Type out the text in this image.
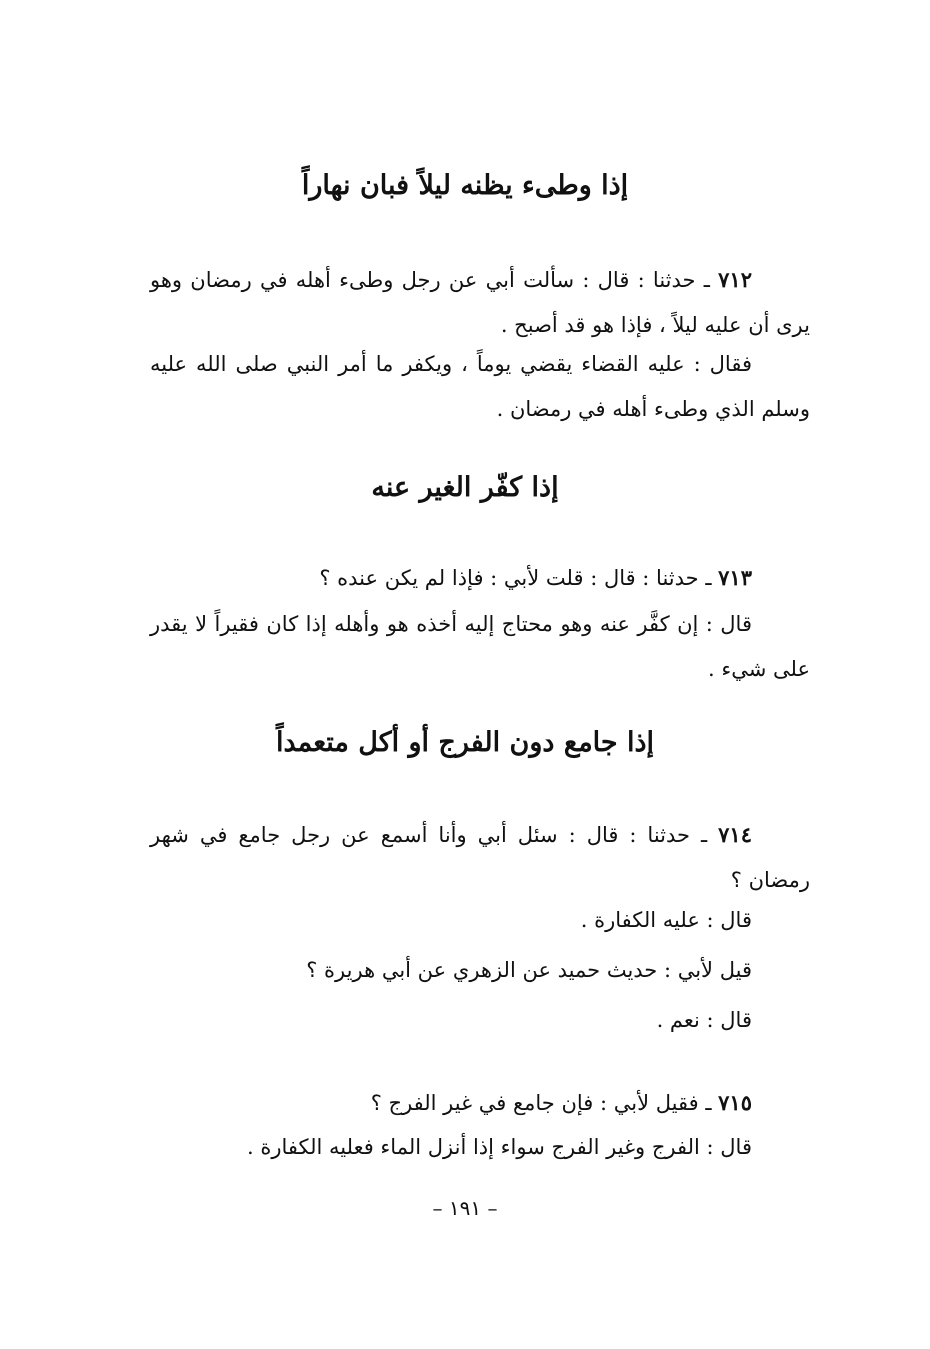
إذا وطىء يظنه ليلاً فبان نهاراً

٧١٢ ـ حدثنا : قال : سألت أبي عن رجل وطىء أهله في رمضان وهو يرى أن عليه ليلاً ، فإذا هو قد أصبح .

فقال : عليه القضاء يقضي يوماً ، ويكفر ما أمر النبي صلى الله عليه وسلم الذي وطىء أهله في رمضان .

إذا كفّر الغير عنه

٧١٣ ـ حدثنا : قال : قلت لأبي : فإذا لم يكن عنده ؟

قال : إن كفَّر عنه وهو محتاج إليه أخذه هو وأهله إذا كان فقيراً لا يقدر على شيء .

إذا جامع دون الفرج أو أكل متعمداً

٧١٤ ـ حدثنا : قال : سئل أبي وأنا أسمع عن رجل جامع في شهر رمضان ؟

قال : عليه الكفارة .

قيل لأبي : حديث حميد عن الزهري عن أبي هريرة ؟

قال : نعم .

٧١٥ ـ فقيل لأبي : فإن جامع في غير الفرج ؟

قال : الفرج وغير الفرج سواء إذا أنزل الماء فعليه الكفارة .

– ١٩١ –
